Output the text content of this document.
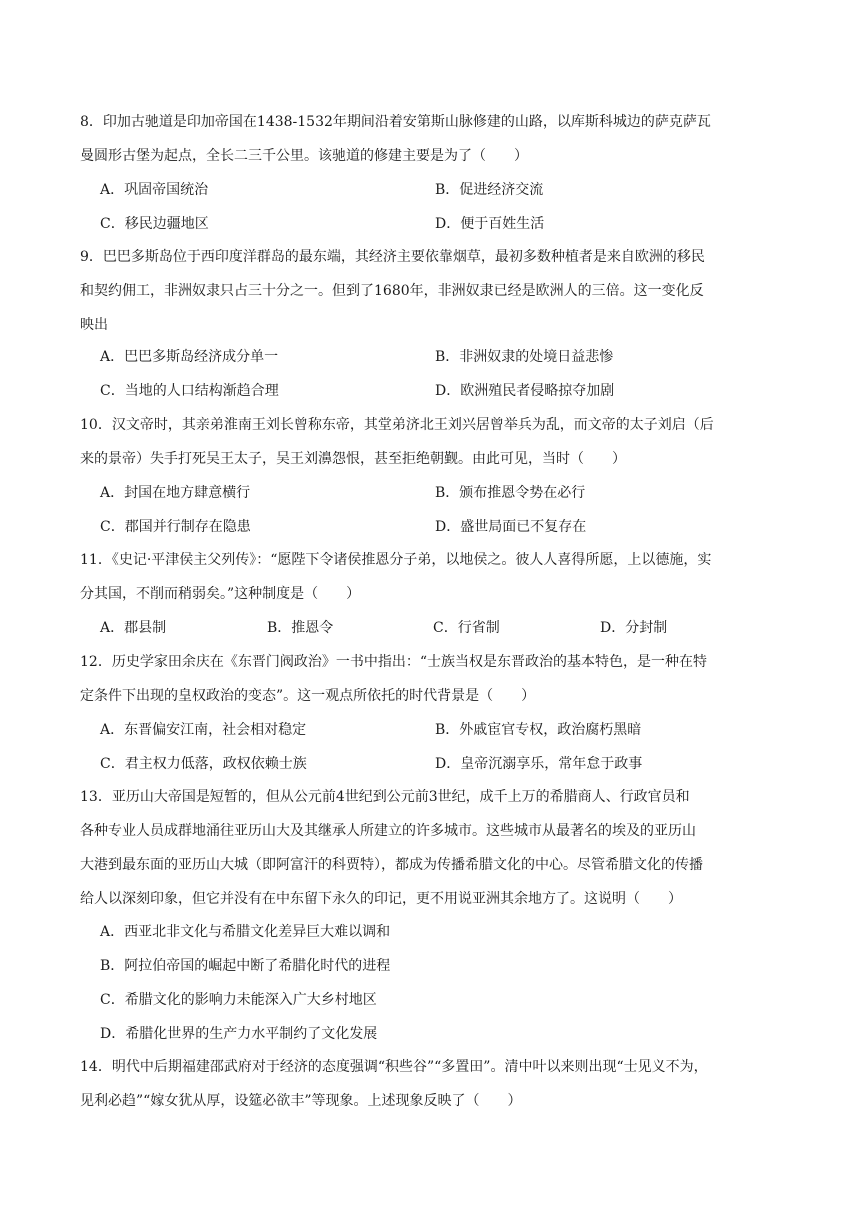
8．印加古驰道是印加帝国在1438-1532年期间沿着安第斯山脉修建的山路，以库斯科城边的萨克萨瓦
曼圆形古堡为起点，全长二三千公里。该驰道的修建主要是为了（　　）
A．巩固帝国统治	B．促进经济交流
C．移民边疆地区	D．便于百姓生活
9．巴巴多斯岛位于西印度洋群岛的最东端，其经济主要依靠烟草，最初多数种植者是来自欧洲的移民
和契约佣工，非洲奴隶只占三十分之一。但到了1680年，非洲奴隶已经是欧洲人的三倍。这一变化反
映出
A．巴巴多斯岛经济成分单一	B．非洲奴隶的处境日益悲惨
C．当地的人口结构渐趋合理	D．欧洲殖民者侵略掠夺加剧
10．汉文帝时，其亲弟淮南王刘长曾称东帝，其堂弟济北王刘兴居曾举兵为乱，而文帝的太子刘启（后
来的景帝）失手打死吴王太子，吴王刘濞怨恨，甚至拒绝朝觐。由此可见，当时（　　）
A．封国在地方肆意横行	B．颁布推恩令势在必行
C．郡国并行制存在隐患	D．盛世局面已不复存在
11．《史记·平津侯主父列传》：“愿陛下令诸侯推恩分子弟，以地侯之。彼人人喜得所愿，上以德施，实
分其国，不削而稍弱矣。”这种制度是（　　）
A．郡县制	B．推恩令	C．行省制	D．分封制
12．历史学家田余庆在《东晋门阀政治》一书中指出：“士族当权是东晋政治的基本特色，是一种在特
定条件下出现的皇权政治的变态”。这一观点所依托的时代背景是（　　）
A．东晋偏安江南，社会相对稳定	B．外戚宦官专权，政治腐朽黑暗
C．君主权力低落，政权依赖士族	D．皇帝沉溺享乐，常年怠于政事
13．亚历山大帝国是短暂的，但从公元前4世纪到公元前3世纪，成千上万的希腊商人、行政官员和
各种专业人员成群地涌往亚历山大及其继承人所建立的许多城市。这些城市从最著名的埃及的亚历山
大港到最东面的亚历山大城（即阿富汗的科贾特），都成为传播希腊文化的中心。尽管希腊文化的传播
给人以深刻印象，但它并没有在中东留下永久的印记，更不用说亚洲其余地方了。这说明（　　）
A．西亚北非文化与希腊文化差异巨大难以调和
B．阿拉伯帝国的崛起中断了希腊化时代的进程
C．希腊文化的影响力未能深入广大乡村地区
D．希腊化世界的生产力水平制约了文化发展
14．明代中后期福建邵武府对于经济的态度强调“积些谷”“多置田”。清中叶以来则出现“士见义不为，
见利必趋”“嫁女犹从厚，设筵必欲丰”等现象。上述现象反映了（　　）
